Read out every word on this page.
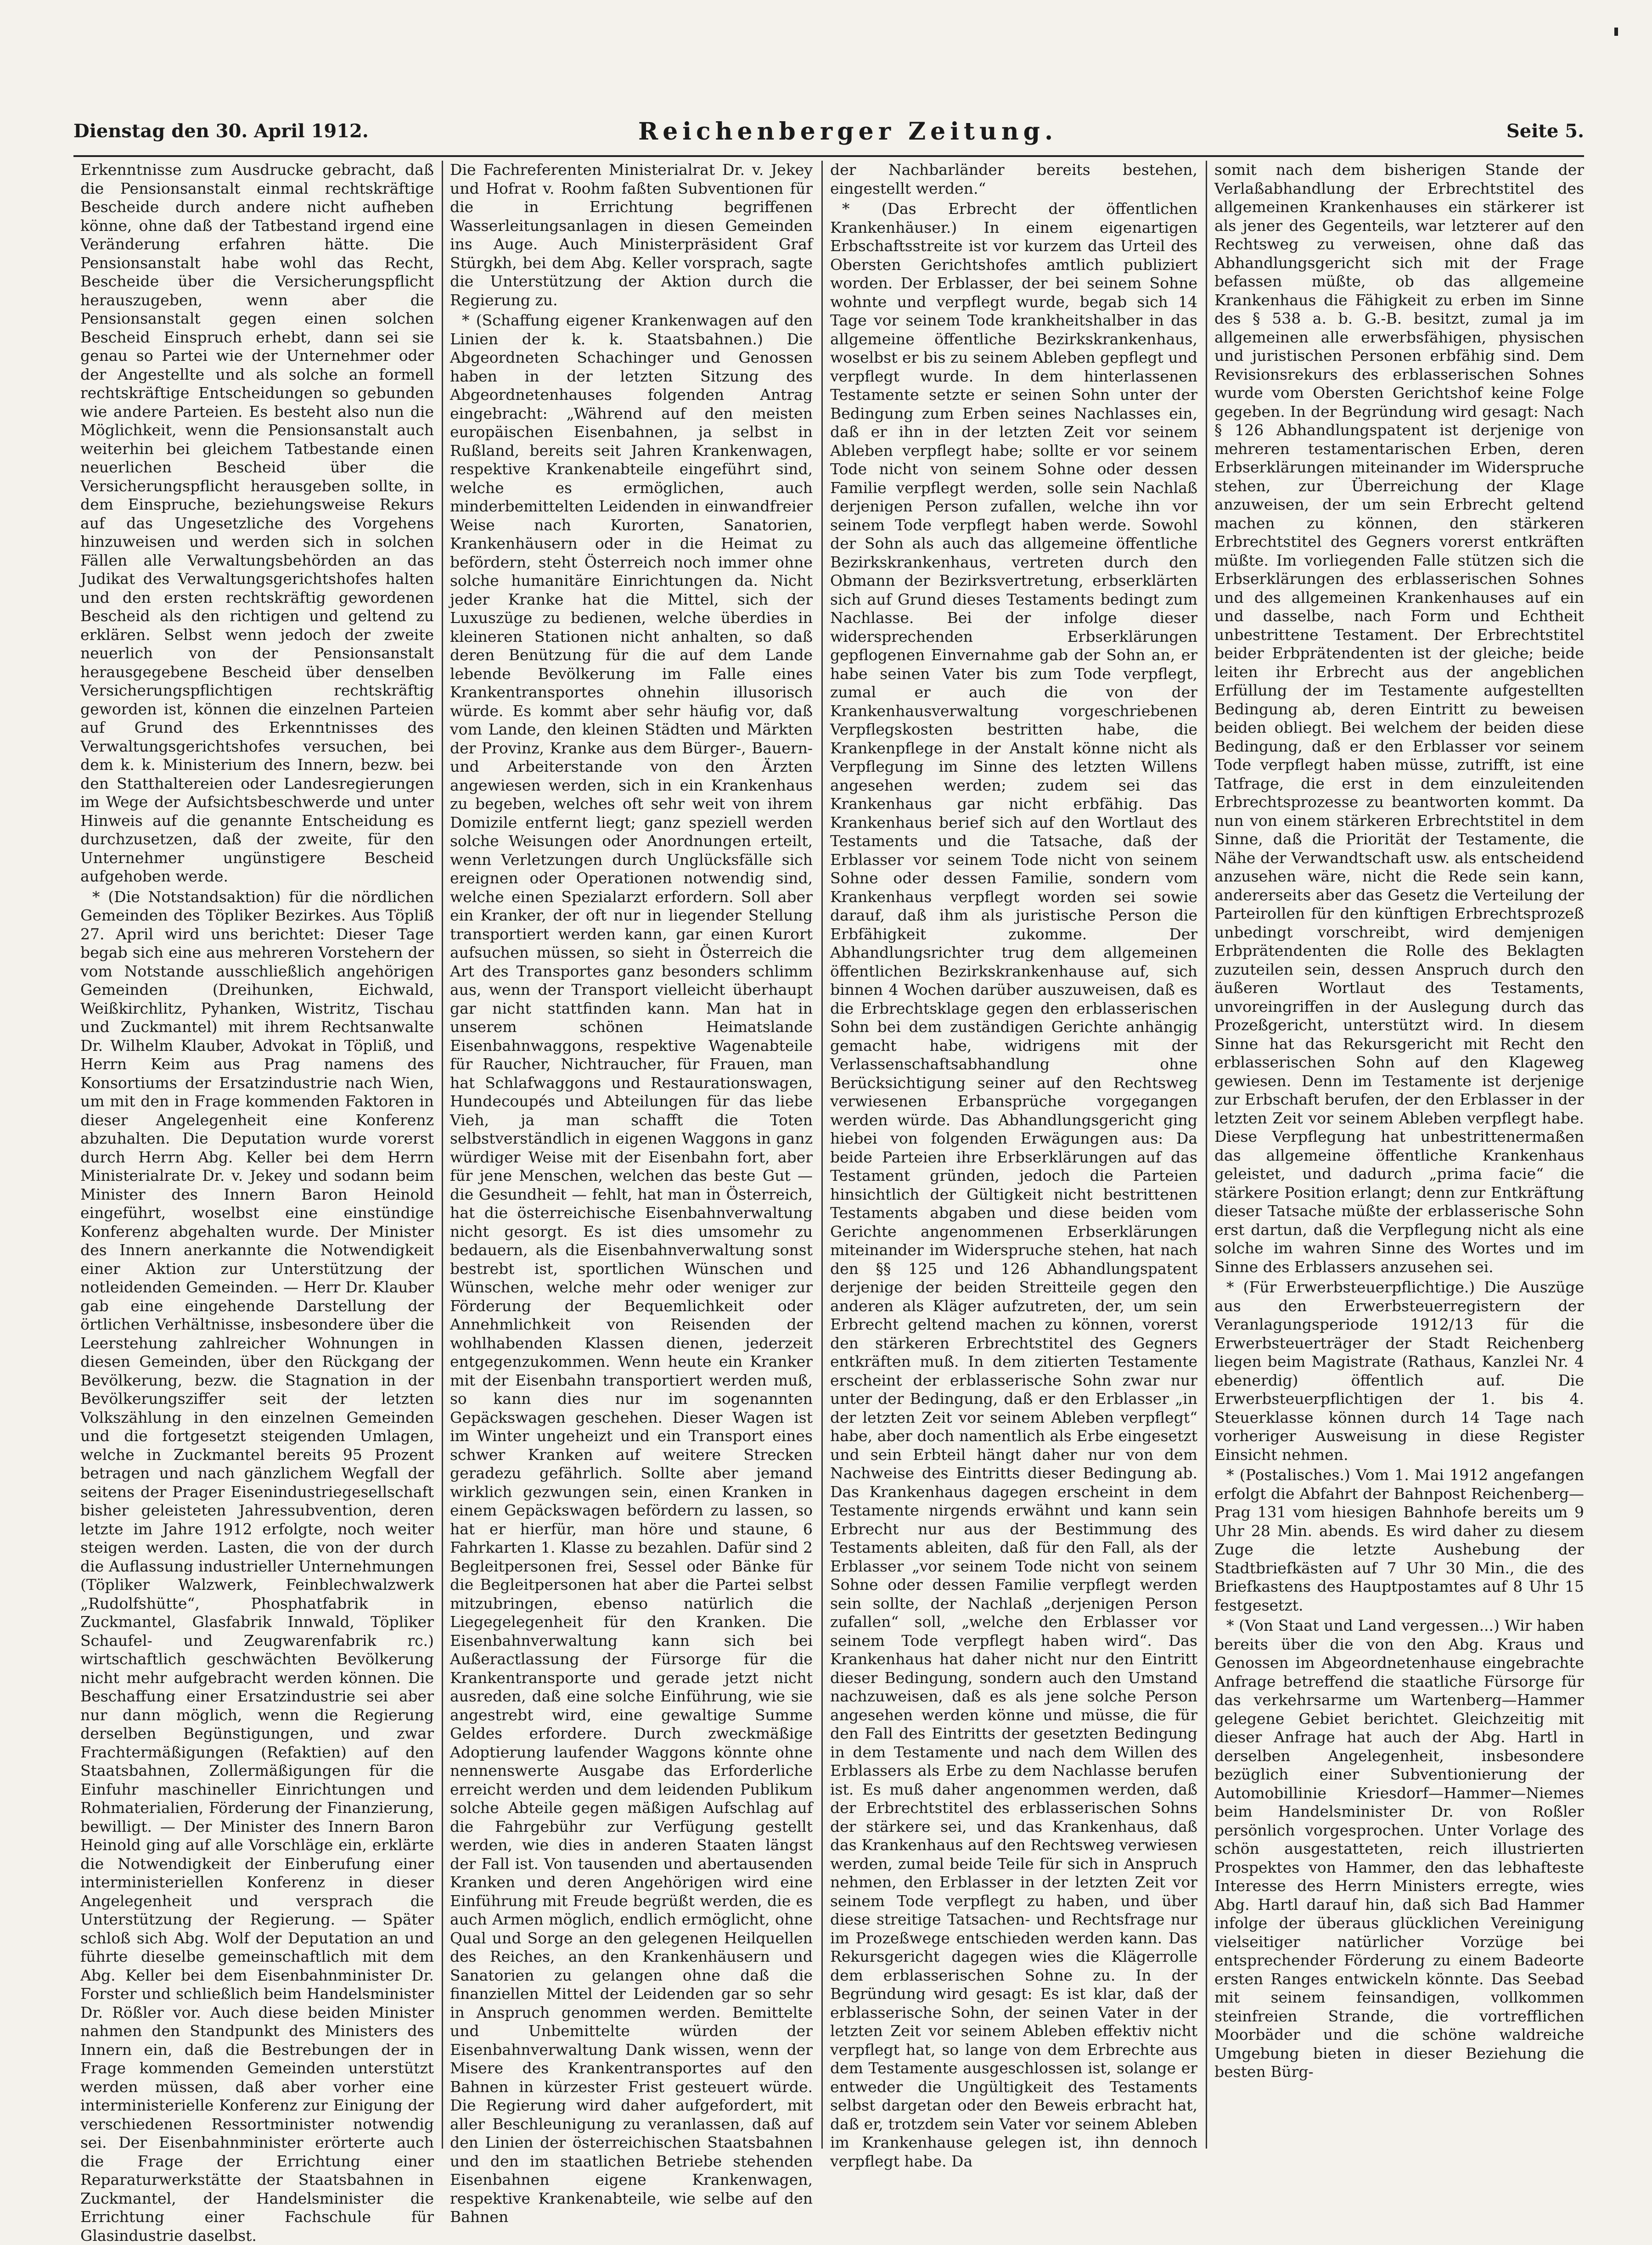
Dienstag den 30. April 1912.	Reichenberger Zeitung.	Seite 5.

Erkenntnisse zum Ausdrucke gebracht, daß die Pensionsanstalt einmal rechtskräftige Bescheide durch andere nicht aufheben könne, ohne daß der Tatbestand irgend eine Veränderung erfahren hätte. Die Pensionsanstalt habe wohl das Recht, Bescheide über die Versicherungspflicht herauszugeben, wenn aber die Pensionsanstalt gegen einen solchen Bescheid Einspruch erhebt, dann sei sie genau so Partei wie der Unternehmer oder der Angestellte und als solche an formell rechtskräftige Entscheidungen so gebunden wie andere Parteien. Es besteht also nun die Möglichkeit, wenn die Pensionsanstalt auch weiterhin bei gleichem Tatbestande einen neuerlichen Bescheid über die Versicherungspflicht herausgeben sollte, in dem Einspruche, beziehungsweise Rekurs auf das Ungesetzliche des Vorgehens hinzuweisen und werden sich in solchen Fällen alle Verwaltungsbehörden an das Judikat des Verwaltungsgerichtshofes halten und den ersten rechtskräftig gewordenen Bescheid als den richtigen und geltend zu erklären. Selbst wenn jedoch der zweite neuerlich von der Pensionsanstalt herausgegebene Bescheid über denselben Versicherungspflichtigen rechtskräftig geworden ist, können die einzelnen Parteien auf Grund des Erkenntnisses des Verwaltungsgerichtshofes versuchen, bei dem k. k. Ministerium des Innern, bezw. bei den Statthaltereien oder Landesregierungen im Wege der Aufsichtsbeschwerde und unter Hinweis auf die genannte Entscheidung es durchzusetzen, daß der zweite, für den Unternehmer ungünstigere Bescheid aufgehoben werde.

* (Die Notstandsaktion) für die nördlichen Gemeinden des Töpliker Bezirkes. Aus Töpliß 27. April wird uns berichtet: Dieser Tage begab sich eine aus mehreren Vorstehern der vom Notstande ausschließlich angehörigen Gemeinden (Dreihunken, Eichwald, Weißkirchlitz, Pyhanken, Wistritz, Tischau und Zuckmantel) mit ihrem Rechtsanwalte Dr. Wilhelm Klauber, Advokat in Töpliß, und Herrn Keim aus Prag namens des Konsortiums der Ersatzindustrie nach Wien, um mit den in Frage kommenden Faktoren in dieser Angelegenheit eine Konferenz abzuhalten. Die Deputation wurde vorerst durch Herrn Abg. Keller bei dem Herrn Ministerialrate Dr. v. Jekey und sodann beim Minister des Innern Baron Heinold eingeführt, woselbst eine einstündige Konferenz abgehalten wurde. Der Minister des Innern anerkannte die Notwendigkeit einer Aktion zur Unterstützung der notleidenden Gemeinden. — Herr Dr. Klauber gab eine eingehende Darstellung der örtlichen Verhältnisse, insbesondere über die Leerstehung zahlreicher Wohnungen in diesen Gemeinden, über den Rückgang der Bevölkerung, bezw. die Stagnation in der Bevölkerungsziffer seit der letzten Volkszählung in den einzelnen Gemeinden und die fortgesetzt steigenden Umlagen, welche in Zuckmantel bereits 95 Prozent betragen und nach gänzlichem Wegfall der seitens der Prager Eisenindustriegesellschaft bisher geleisteten Jahressubvention, deren letzte im Jahre 1912 erfolgte, noch weiter steigen werden. Lasten, die von der durch die Auflassung industrieller Unternehmungen (Töpliker Walzwerk, Feinblechwalzwerk „Rudolfshütte“, Phosphatfabrik in Zuckmantel, Glasfabrik Innwald, Töpliker Schaufel- und Zeugwarenfabrik rc.) wirtschaftlich geschwächten Bevölkerung nicht mehr aufgebracht werden können. Die Beschaffung einer Ersatzindustrie sei aber nur dann möglich, wenn die Regierung derselben Begünstigungen, und zwar Frachtermäßigungen (Refaktien) auf den Staatsbahnen, Zollermäßigungen für die Einfuhr maschineller Einrichtungen und Rohmaterialien, Förderung der Finanzierung, bewilligt. — Der Minister des Innern Baron Heinold ging auf alle Vorschläge ein, erklärte die Notwendigkeit der Einberufung einer interministeriellen Konferenz in dieser Angelegenheit und versprach die Unterstützung der Regierung. — Später schloß sich Abg. Wolf der Deputation an und führte dieselbe gemeinschaftlich mit dem Abg. Keller bei dem Eisenbahnminister Dr. Forster und schließlich beim Handelsminister Dr. Rößler vor. Auch diese beiden Minister nahmen den Standpunkt des Ministers des Innern ein, daß die Bestrebungen der in Frage kommenden Gemeinden unterstützt werden müssen, daß aber vorher eine interministerielle Konferenz zur Einigung der verschiedenen Ressortminister notwendig sei. Der Eisenbahnminister erörterte auch die Frage der Errichtung einer Reparaturwerkstätte der Staatsbahnen in Zuckmantel, der Handelsminister die Errichtung einer Fachschule für Glasindustrie daselbst.

Die Fachreferenten Ministerialrat Dr. v. Jekey und Hofrat v. Roohm faßten Subventionen für die in Errichtung begriffenen Wasserleitungsanlagen in diesen Gemeinden ins Auge. Auch Ministerpräsident Graf Stürgkh, bei dem Abg. Keller vorsprach, sagte die Unterstützung der Aktion durch die Regierung zu.

* (Schaffung eigener Krankenwagen auf den Linien der k. k. Staatsbahnen.) Die Abgeordneten Schachinger und Genossen haben in der letzten Sitzung des Abgeordnetenhauses folgenden Antrag eingebracht: „Während auf den meisten europäischen Eisenbahnen, ja selbst in Rußland, bereits seit Jahren Krankenwagen, respektive Krankenabteile eingeführt sind, welche es ermöglichen, auch minderbemittelten Leidenden in einwandfreier Weise nach Kurorten, Sanatorien, Krankenhäusern oder in die Heimat zu befördern, steht Österreich noch immer ohne solche humanitäre Einrichtungen da. Nicht jeder Kranke hat die Mittel, sich der Luxuszüge zu bedienen, welche überdies in kleineren Stationen nicht anhalten, so daß deren Benützung für die auf dem Lande lebende Bevölkerung im Falle eines Krankentransportes ohnehin illusorisch würde. Es kommt aber sehr häufig vor, daß vom Lande, den kleinen Städten und Märkten der Provinz, Kranke aus dem Bürger-, Bauern- und Arbeiterstande von den Ärzten angewiesen werden, sich in ein Krankenhaus zu begeben, welches oft sehr weit von ihrem Domizile entfernt liegt; ganz speziell werden solche Weisungen oder Anordnungen erteilt, wenn Verletzungen durch Unglücksfälle sich ereignen oder Operationen notwendig sind, welche einen Spezialarzt erfordern. Soll aber ein Kranker, der oft nur in liegender Stellung transportiert werden kann, gar einen Kurort aufsuchen müssen, so sieht in Österreich die Art des Transportes ganz besonders schlimm aus, wenn der Transport vielleicht überhaupt gar nicht stattfinden kann. Man hat in unserem schönen Heimatslande Eisenbahnwaggons, respektive Wagenabteile für Raucher, Nichtraucher, für Frauen, man hat Schlafwaggons und Restaurationswagen, Hundecoupés und Abteilungen für das liebe Vieh, ja man schafft die Toten selbstverständlich in eigenen Waggons in ganz würdiger Weise mit der Eisenbahn fort, aber für jene Menschen, welchen das beste Gut — die Gesundheit — fehlt, hat man in Österreich, hat die österreichische Eisenbahnverwaltung nicht gesorgt. Es ist dies umsomehr zu bedauern, als die Eisenbahnverwaltung sonst bestrebt ist, sportlichen Wünschen und Wünschen, welche mehr oder weniger zur Förderung der Bequemlichkeit oder Annehmlichkeit von Reisenden der wohlhabenden Klassen dienen, jederzeit entgegenzukommen. Wenn heute ein Kranker mit der Eisenbahn transportiert werden muß, so kann dies nur im sogenannten Gepäckswagen geschehen. Dieser Wagen ist im Winter ungeheizt und ein Transport eines schwer Kranken auf weitere Strecken geradezu gefährlich. Sollte aber jemand wirklich gezwungen sein, einen Kranken in einem Gepäckswagen befördern zu lassen, so hat er hierfür, man höre und staune, 6 Fahrkarten 1. Klasse zu bezahlen. Dafür sind 2 Begleitpersonen frei, Sessel oder Bänke für die Begleitpersonen hat aber die Partei selbst mitzubringen, ebenso natürlich die Liegegelegenheit für den Kranken. Die Eisenbahnverwaltung kann sich bei Außeractlassung der Fürsorge für die Krankentransporte und gerade jetzt nicht ausreden, daß eine solche Einführung, wie sie angestrebt wird, eine gewaltige Summe Geldes erfordere. Durch zweckmäßige Adoptierung laufender Waggons könnte ohne nennenswerte Ausgabe das Erforderliche erreicht werden und dem leidenden Publikum solche Abteile gegen mäßigen Aufschlag auf die Fahrgebühr zur Verfügung gestellt werden, wie dies in anderen Staaten längst der Fall ist. Von tausenden und abertausenden Kranken und deren Angehörigen wird eine Einführung mit Freude begrüßt werden, die es auch Armen möglich, endlich ermöglicht, ohne Qual und Sorge an den gelegenen Heilquellen des Reiches, an den Krankenhäusern und Sanatorien zu gelangen ohne daß die finanziellen Mittel der Leidenden gar so sehr in Anspruch genommen werden. Bemittelte und Unbemittelte würden der Eisenbahnverwaltung Dank wissen, wenn der Misere des Krankentransportes auf den Bahnen in kürzester Frist gesteuert würde. Die Regierung wird daher aufgefordert, mit aller Beschleunigung zu veranlassen, daß auf den Linien der österreichischen Staatsbahnen und den im staatlichen Betriebe stehenden Eisenbahnen eigene Krankenwagen, respektive Krankenabteile, wie selbe auf den Bahnen

der Nachbarländer bereits bestehen, eingestellt werden.“

* (Das Erbrecht der öffentlichen Krankenhäuser.) In einem eigenartigen Erbschaftsstreite ist vor kurzem das Urteil des Obersten Gerichtshofes amtlich publiziert worden. Der Erblasser, der bei seinem Sohne wohnte und verpflegt wurde, begab sich 14 Tage vor seinem Tode krankheitshalber in das allgemeine öffentliche Bezirkskrankenhaus, woselbst er bis zu seinem Ableben gepflegt und verpflegt wurde. In dem hinterlassenen Testamente setzte er seinen Sohn unter der Bedingung zum Erben seines Nachlasses ein, daß er ihn in der letzten Zeit vor seinem Ableben verpflegt habe; sollte er vor seinem Tode nicht von seinem Sohne oder dessen Familie verpflegt werden, solle sein Nachlaß derjenigen Person zufallen, welche ihn vor seinem Tode verpflegt haben werde. Sowohl der Sohn als auch das allgemeine öffentliche Bezirkskrankenhaus, vertreten durch den Obmann der Bezirksvertretung, erbserklärten sich auf Grund dieses Testaments bedingt zum Nachlasse. Bei der infolge dieser widersprechenden Erbserklärungen gepflogenen Einvernahme gab der Sohn an, er habe seinen Vater bis zum Tode verpflegt, zumal er auch die von der Krankenhausverwaltung vorgeschriebenen Verpflegskosten bestritten habe, die Krankenpflege in der Anstalt könne nicht als Verpflegung im Sinne des letzten Willens angesehen werden; zudem sei das Krankenhaus gar nicht erbfähig. Das Krankenhaus berief sich auf den Wortlaut des Testaments und die Tatsache, daß der Erblasser vor seinem Tode nicht von seinem Sohne oder dessen Familie, sondern vom Krankenhaus verpflegt worden sei sowie darauf, daß ihm als juristische Person die Erbfähigkeit zukomme. Der Abhandlungsrichter trug dem allgemeinen öffentlichen Bezirkskrankenhause auf, sich binnen 4 Wochen darüber auszuweisen, daß es die Erbrechtsklage gegen den erblasserischen Sohn bei dem zuständigen Gerichte anhängig gemacht habe, widrigens mit der Verlassenschaftsabhandlung ohne Berücksichtigung seiner auf den Rechtsweg verwiesenen Erbansprüche vorgegangen werden würde. Das Abhandlungsgericht ging hiebei von folgenden Erwägungen aus: Da beide Parteien ihre Erbserklärungen auf das Testament gründen, jedoch die Parteien hinsichtlich der Gültigkeit nicht bestrittenen Testaments abgaben und diese beiden vom Gerichte angenommenen Erbserklärungen miteinander im Widerspruche stehen, hat nach den §§ 125 und 126 Abhandlungspatent derjenige der beiden Streitteile gegen den anderen als Kläger aufzutreten, der, um sein Erbrecht geltend machen zu können, vorerst den stärkeren Erbrechtstitel des Gegners entkräften muß. In dem zitierten Testamente erscheint der erblasserische Sohn zwar nur unter der Bedingung, daß er den Erblasser „in der letzten Zeit vor seinem Ableben verpflegt“ habe, aber doch namentlich als Erbe eingesetzt und sein Erbteil hängt daher nur von dem Nachweise des Eintritts dieser Bedingung ab. Das Krankenhaus dagegen erscheint in dem Testamente nirgends erwähnt und kann sein Erbrecht nur aus der Bestimmung des Testaments ableiten, daß für den Fall, als der Erblasser „vor seinem Tode nicht von seinem Sohne oder dessen Familie verpflegt werden sein sollte, der Nachlaß „derjenigen Person zufallen“ soll, „welche den Erblasser vor seinem Tode verpflegt haben wird“. Das Krankenhaus hat daher nicht nur den Eintritt dieser Bedingung, sondern auch den Umstand nachzuweisen, daß es als jene solche Person angesehen werden könne und müsse, die für den Fall des Eintritts der gesetzten Bedingung in dem Testamente und nach dem Willen des Erblassers als Erbe zu dem Nachlasse berufen ist. Es muß daher angenommen werden, daß der Erbrechtstitel des erblasserischen Sohns der stärkere sei, und das Krankenhaus, daß das Krankenhaus auf den Rechtsweg verwiesen werden, zumal beide Teile für sich in Anspruch nehmen, den Erblasser in der letzten Zeit vor seinem Tode verpflegt zu haben, und über diese streitige Tatsachen- und Rechtsfrage nur im Prozeßwege entschieden werden kann. Das Rekursgericht dagegen wies die Klägerrolle dem erblasserischen Sohne zu. In der Begründung wird gesagt: Es ist klar, daß der erblasserische Sohn, der seinen Vater in der letzten Zeit vor seinem Ableben effektiv nicht verpflegt hat, so lange von dem Erbrechte aus dem Testamente ausgeschlossen ist, solange er entweder die Ungültigkeit des Testaments selbst dargetan oder den Beweis erbracht hat, daß er, trotzdem sein Vater vor seinem Ableben im Krankenhause gelegen ist, ihn dennoch verpflegt habe. Da

somit nach dem bisherigen Stande der Verlaßabhandlung der Erbrechtstitel des allgemeinen Krankenhauses ein stärkerer ist als jener des Gegenteils, war letzterer auf den Rechtsweg zu verweisen, ohne daß das Abhandlungsgericht sich mit der Frage befassen müßte, ob das allgemeine Krankenhaus die Fähigkeit zu erben im Sinne des § 538 a. b. G.-B. besitzt, zumal ja im allgemeinen alle erwerbsfähigen, physischen und juristischen Personen erbfähig sind. Dem Revisionsrekurs des erblasserischen Sohnes wurde vom Obersten Gerichtshof keine Folge gegeben. In der Begründung wird gesagt: Nach § 126 Abhandlungspatent ist derjenige von mehreren testamentarischen Erben, deren Erbserklärungen miteinander im Widerspruche stehen, zur Überreichung der Klage anzuweisen, der um sein Erbrecht geltend machen zu können, den stärkeren Erbrechtstitel des Gegners vorerst entkräften müßte. Im vorliegenden Falle stützen sich die Erbserklärungen des erblasserischen Sohnes und des allgemeinen Krankenhauses auf ein und dasselbe, nach Form und Echtheit unbestrittene Testament. Der Erbrechtstitel beider Erbprätendenten ist der gleiche; beide leiten ihr Erbrecht aus der angeblichen Erfüllung der im Testamente aufgestellten Bedingung ab, deren Eintritt zu beweisen beiden obliegt. Bei welchem der beiden diese Bedingung, daß er den Erblasser vor seinem Tode verpflegt haben müsse, zutrifft, ist eine Tatfrage, die erst in dem einzuleitenden Erbrechtsprozesse zu beantworten kommt. Da nun von einem stärkeren Erbrechtstitel in dem Sinne, daß die Priorität der Testamente, die Nähe der Verwandtschaft usw. als entscheidend anzusehen wäre, nicht die Rede sein kann, andererseits aber das Gesetz die Verteilung der Parteirollen für den künftigen Erbrechtsprozeß unbedingt vorschreibt, wird demjenigen Erbprätendenten die Rolle des Beklagten zuzuteilen sein, dessen Anspruch durch den äußeren Wortlaut des Testaments, unvoreingriffen in der Auslegung durch das Prozeßgericht, unterstützt wird. In diesem Sinne hat das Rekursgericht mit Recht den erblasserischen Sohn auf den Klageweg gewiesen. Denn im Testamente ist derjenige zur Erbschaft berufen, der den Erblasser in der letzten Zeit vor seinem Ableben verpflegt habe. Diese Verpflegung hat unbestrittenermaßen das allgemeine öffentliche Krankenhaus geleistet, und dadurch „prima facie“ die stärkere Position erlangt; denn zur Entkräftung dieser Tatsache müßte der erblasserische Sohn erst dartun, daß die Verpflegung nicht als eine solche im wahren Sinne des Wortes und im Sinne des Erblassers anzusehen sei.

* (Für Erwerbsteuerpflichtige.) Die Auszüge aus den Erwerbsteuerregistern der Veranlagungsperiode 1912/13 für die Erwerbsteuerträger der Stadt Reichenberg liegen beim Magistrate (Rathaus, Kanzlei Nr. 4 ebenerdig) öffentlich auf. Die Erwerbsteuerpflichtigen der 1. bis 4. Steuerklasse können durch 14 Tage nach vorheriger Ausweisung in diese Register Einsicht nehmen.

* (Postalisches.) Vom 1. Mai 1912 angefangen erfolgt die Abfahrt der Bahnpost Reichenberg—Prag 131 vom hiesigen Bahnhofe bereits um 9 Uhr 28 Min. abends. Es wird daher zu diesem Zuge die letzte Aushebung der Stadtbriefkästen auf 7 Uhr 30 Min., die des Briefkastens des Hauptpostamtes auf 8 Uhr 15 festgesetzt.

* (Von Staat und Land vergessen...) Wir haben bereits über die von den Abg. Kraus und Genossen im Abgeordnetenhause eingebrachte Anfrage betreffend die staatliche Fürsorge für das verkehrsarme um Wartenberg—Hammer gelegene Gebiet berichtet. Gleichzeitig mit dieser Anfrage hat auch der Abg. Hartl in derselben Angelegenheit, insbesondere bezüglich einer Subventionierung der Automobillinie Kriesdorf—Hammer—Niemes beim Handelsminister Dr. von Roßler persönlich vorgesprochen. Unter Vorlage des schön ausgestatteten, reich illustrierten Prospektes von Hammer, den das lebhafteste Interesse des Herrn Ministers erregte, wies Abg. Hartl darauf hin, daß sich Bad Hammer infolge der überaus glücklichen Vereinigung vielseitiger natürlicher Vorzüge bei entsprechender Förderung zu einem Badeorte ersten Ranges entwickeln könnte. Das Seebad mit seinem feinsandigen, vollkommen steinfreien Strande, die vortrefflichen Moorbäder und die schöne waldreiche Umgebung bieten in dieser Beziehung die besten Bürg-
